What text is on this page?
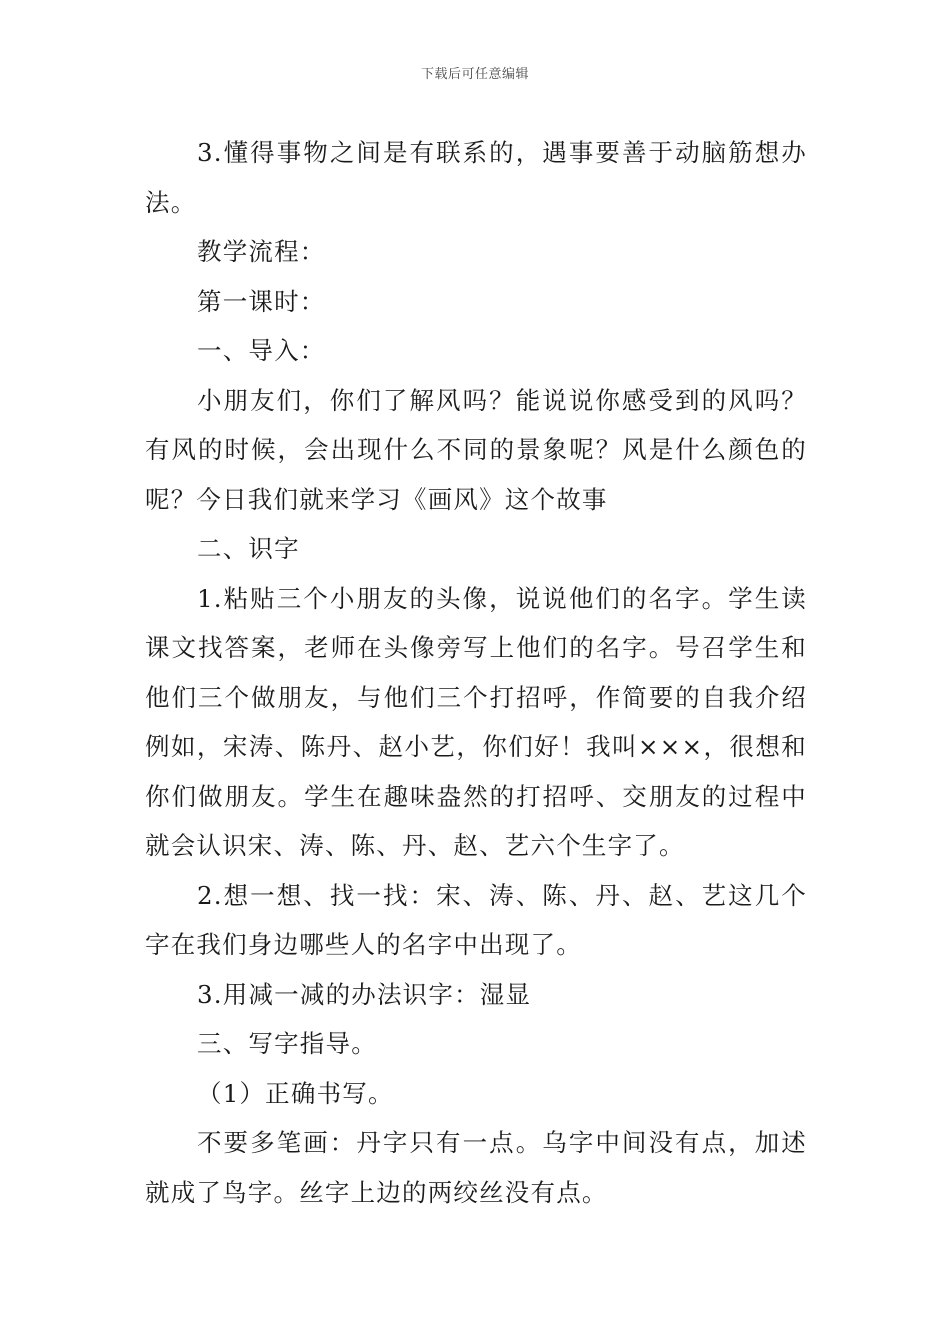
下载后可任意编辑

3.懂得事物之间是有联系的，遇事要善于动脑筋想办法。

教学流程：

第一课时：

一、导入：

小朋友们，你们了解风吗？能说说你感受到的风吗？有风的时候，会出现什么不同的景象呢？风是什么颜色的呢？今日我们就来学习《画风》这个故事

二、识字

1.粘贴三个小朋友的头像，说说他们的名字。学生读课文找答案，老师在头像旁写上他们的名字。号召学生和他们三个做朋友，与他们三个打招呼，作简要的自我介绍例如，宋涛、陈丹、赵小艺，你们好！我叫×××，很想和你们做朋友。学生在趣味盎然的打招呼、交朋友的过程中就会认识宋、涛、陈、丹、赵、艺六个生字了。

2.想一想、找一找：宋、涛、陈、丹、赵、艺这几个字在我们身边哪些人的名字中出现了。

3.用减一减的办法识字：湿显

三、写字指导。

（1）正确书写。

不要多笔画：丹字只有一点。乌字中间没有点，加述就成了鸟字。丝字上边的两绞丝没有点。
